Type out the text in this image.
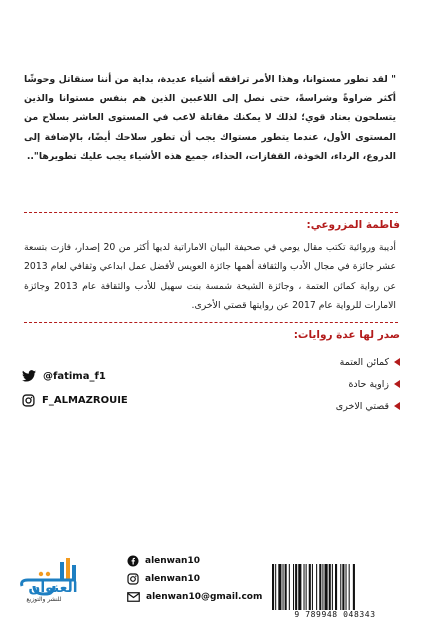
" لقد تطور مستوانا، وهذا الأمر ترافقه أشياء عديدة، بداية من أننا سنقاتل وحوشًا أكثر ضراوةً وشراسةً، حتى نصل إلى اللاعبين الذين هم بنفس مستوانا والذين يتسلحون بعتاد قوي؛ لذلك لا يمكنك مقاتلة لاعب في المستوى العاشر بسلاح من المستوى الأول، عندما يتطور مستواك يجب أن تطور سلاحك أيضًا، بالإضافة إلى الدروع، الرداء، الخوذة، القفازات، الحذاء، جميع هذه الأشياء يجب عليك تطويرها"..
فاطمة المزروعي:
أديبة وروائية تكتب مقال يومي في صحيفة البيان الاماراتية لديها أكثر من 20 إصدار، فازت بتسعة عشر جائزة في مجال الأدب والثقافة أهمها جائزة العويس لأفضل عمل ابداعي وثقافي لعام 2013 عن رواية كمائن العتمة ، وجائزة الشيخة شمسة بنت سهيل للأدب والثقافة عام 2013 وجائزة الامارات للرواية عام 2017 عن روايتها قصتي الأخرى.
صدر لها عدة روايات:
كمائن العتمة
زاوية حادة
قصتي الاخرى
@fatima_f1
F_ALMAZROUIE
العنوان
للنشر والتوزيع
alenwan10
alenwan10
alenwan10@gmail.com
9 789948 048343
